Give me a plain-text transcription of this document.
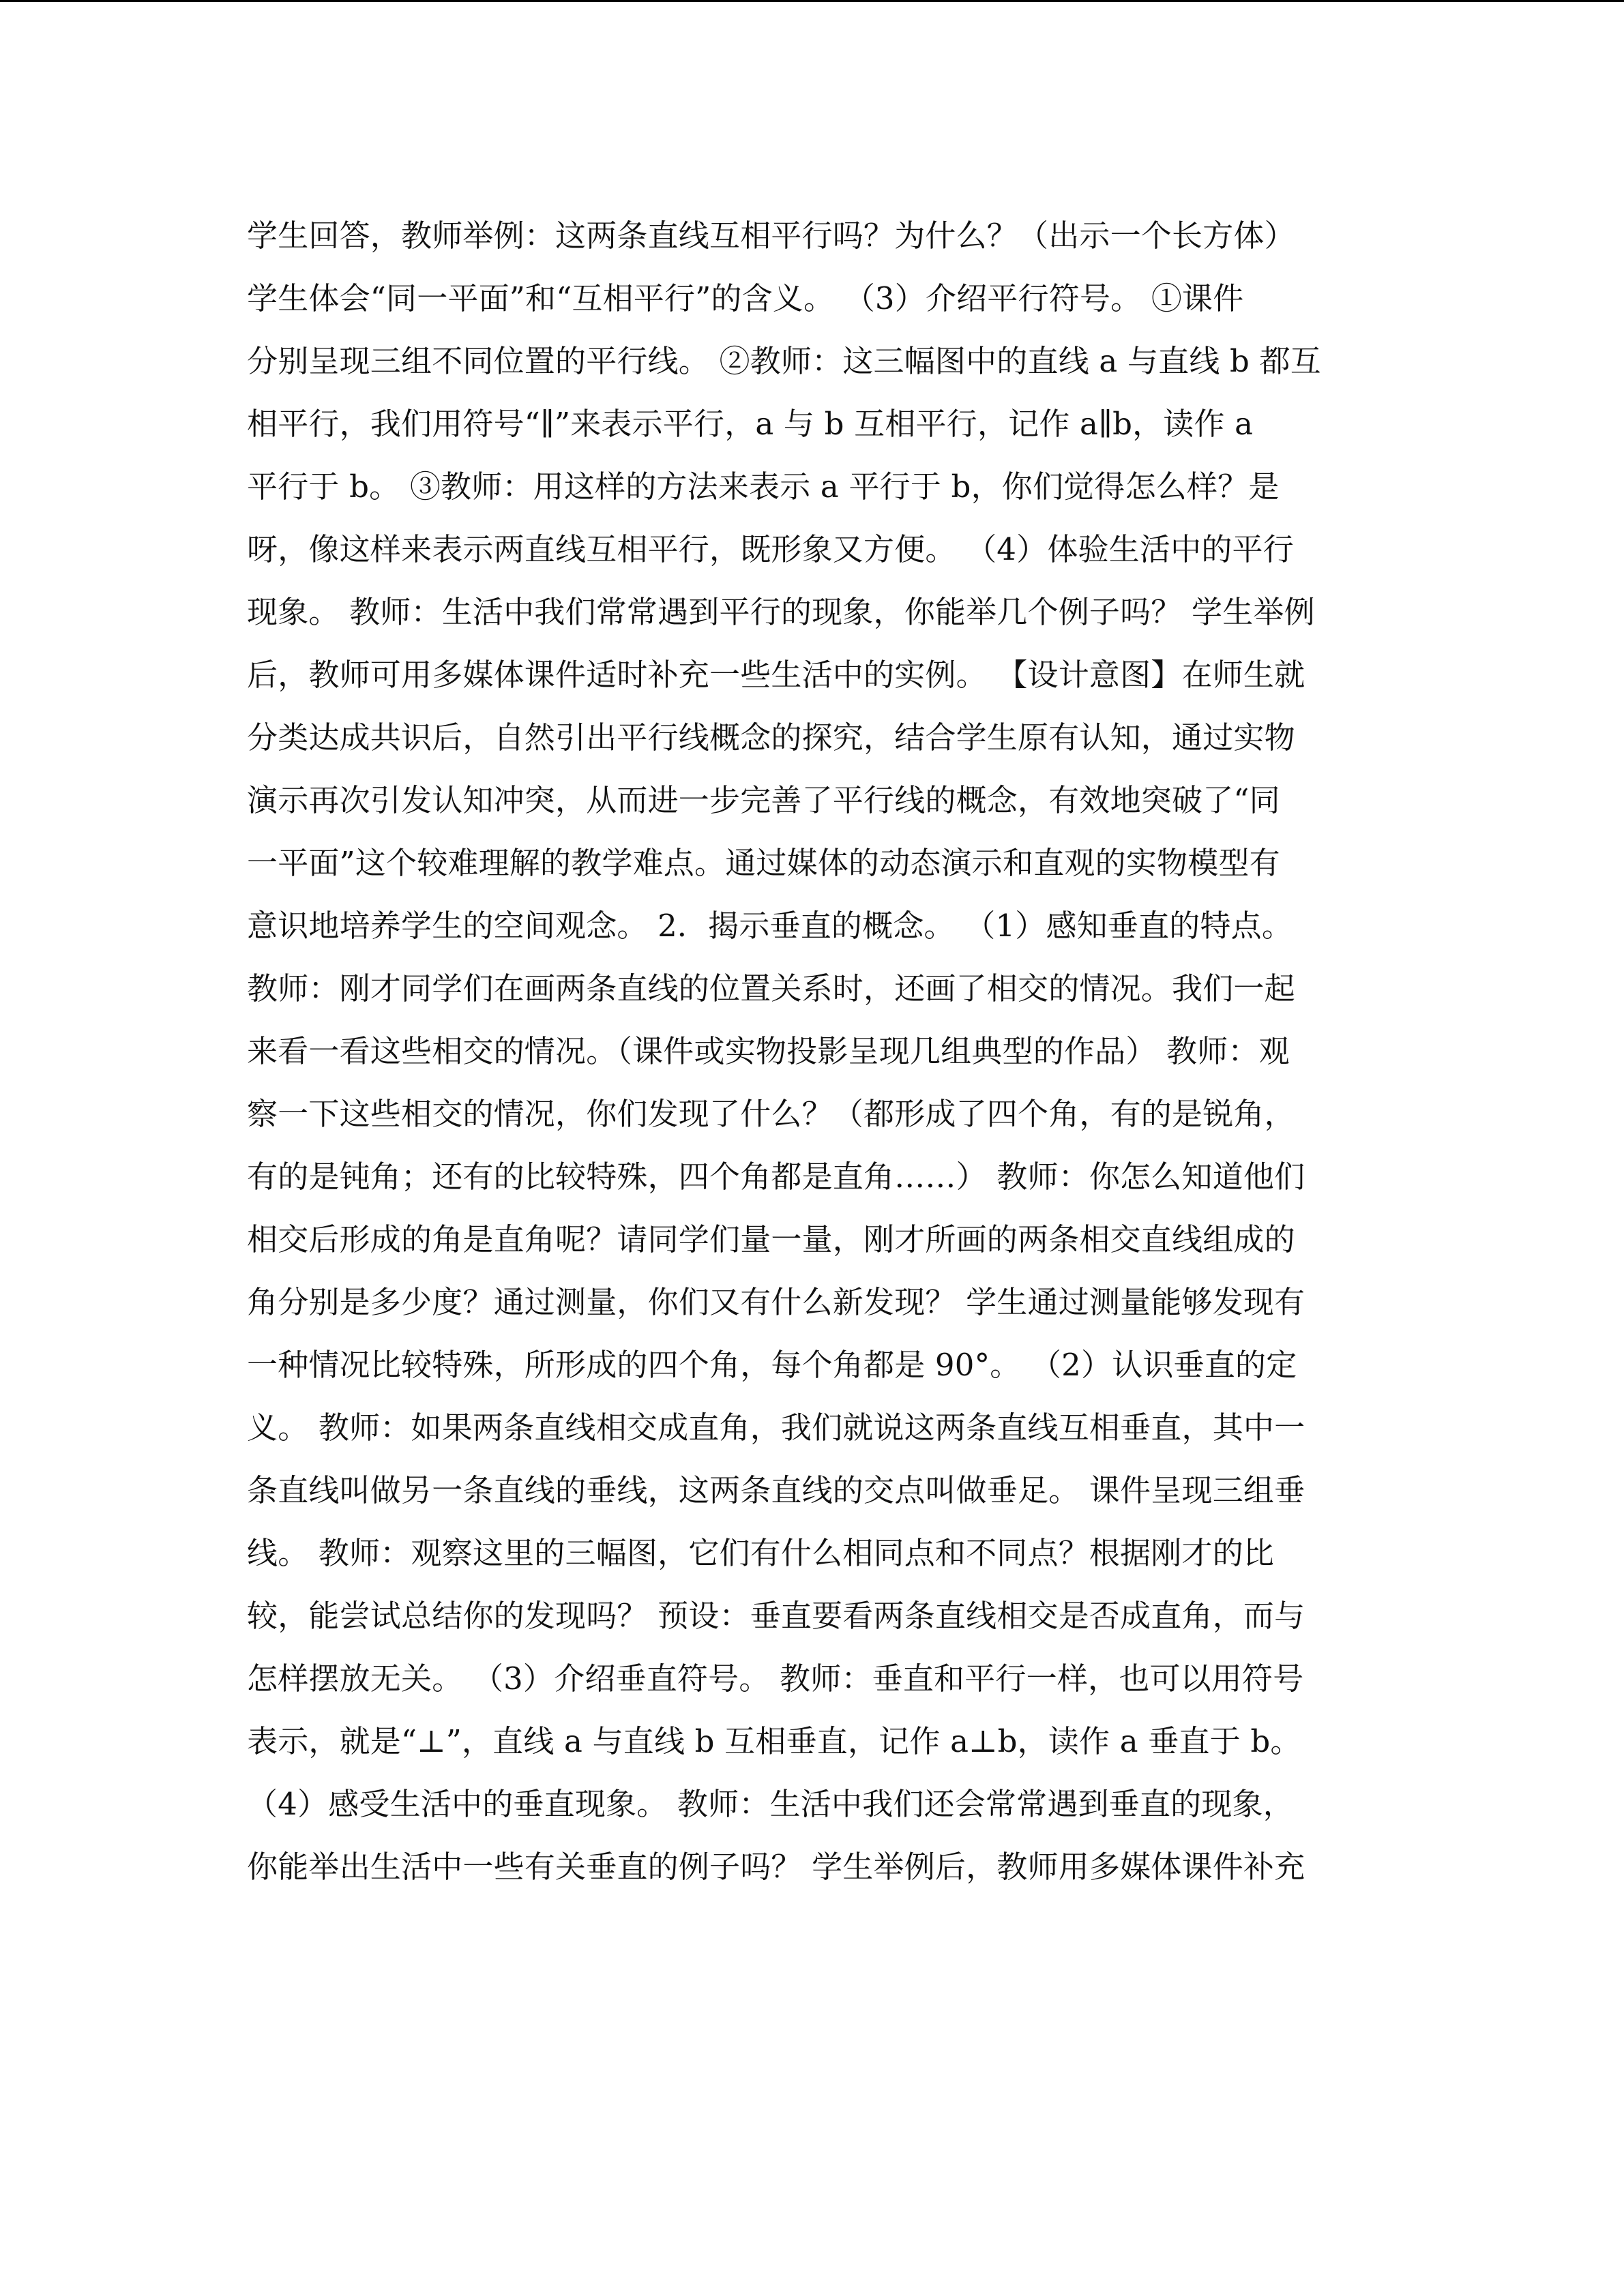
学生回答，教师举例：这两条直线互相平行吗？为什么？（出示一个长方体）
学生体会“同一平面”和“互相平行”的含义。 （3）介绍平行符号。 ①课件
分别呈现三组不同位置的平行线。 ②教师：这三幅图中的直线 a 与直线 b 都互
相平行，我们用符号“∥”来表示平行，a 与 b 互相平行，记作 a∥b，读作 a
平行于 b。 ③教师：用这样的方法来表示 a 平行于 b，你们觉得怎么样？是
呀，像这样来表示两直线互相平行，既形象又方便。 （4）体验生活中的平行
现象。 教师：生活中我们常常遇到平行的现象，你能举几个例子吗？ 学生举例
后，教师可用多媒体课件适时补充一些生活中的实例。 【设计意图】在师生就
分类达成共识后，自然引出平行线概念的探究，结合学生原有认知，通过实物
演示再次引发认知冲突，从而进一步完善了平行线的概念，有效地突破了“同
一平面”这个较难理解的教学难点。通过媒体的动态演示和直观的实物模型有
意识地培养学生的空间观念。 2．揭示垂直的概念。 （1）感知垂直的特点。
教师：刚才同学们在画两条直线的位置关系时，还画了相交的情况。我们一起
来看一看这些相交的情况。（课件或实物投影呈现几组典型的作品） 教师：观
察一下这些相交的情况，你们发现了什么？（都形成了四个角，有的是锐角，
有的是钝角；还有的比较特殊，四个角都是直角……） 教师：你怎么知道他们
相交后形成的角是直角呢？请同学们量一量，刚才所画的两条相交直线组成的
角分别是多少度？通过测量，你们又有什么新发现？ 学生通过测量能够发现有
一种情况比较特殊，所形成的四个角，每个角都是 90°。 （2）认识垂直的定
义。 教师：如果两条直线相交成直角，我们就说这两条直线互相垂直，其中一
条直线叫做另一条直线的垂线，这两条直线的交点叫做垂足。 课件呈现三组垂
线。 教师：观察这里的三幅图，它们有什么相同点和不同点？根据刚才的比
较，能尝试总结你的发现吗？ 预设：垂直要看两条直线相交是否成直角，而与
怎样摆放无关。 （3）介绍垂直符号。 教师：垂直和平行一样，也可以用符号
表示，就是“⊥”，直线 a 与直线 b 互相垂直，记作 a⊥b，读作 a 垂直于 b。
（4）感受生活中的垂直现象。 教师：生活中我们还会常常遇到垂直的现象，
你能举出生活中一些有关垂直的例子吗？ 学生举例后，教师用多媒体课件补充
